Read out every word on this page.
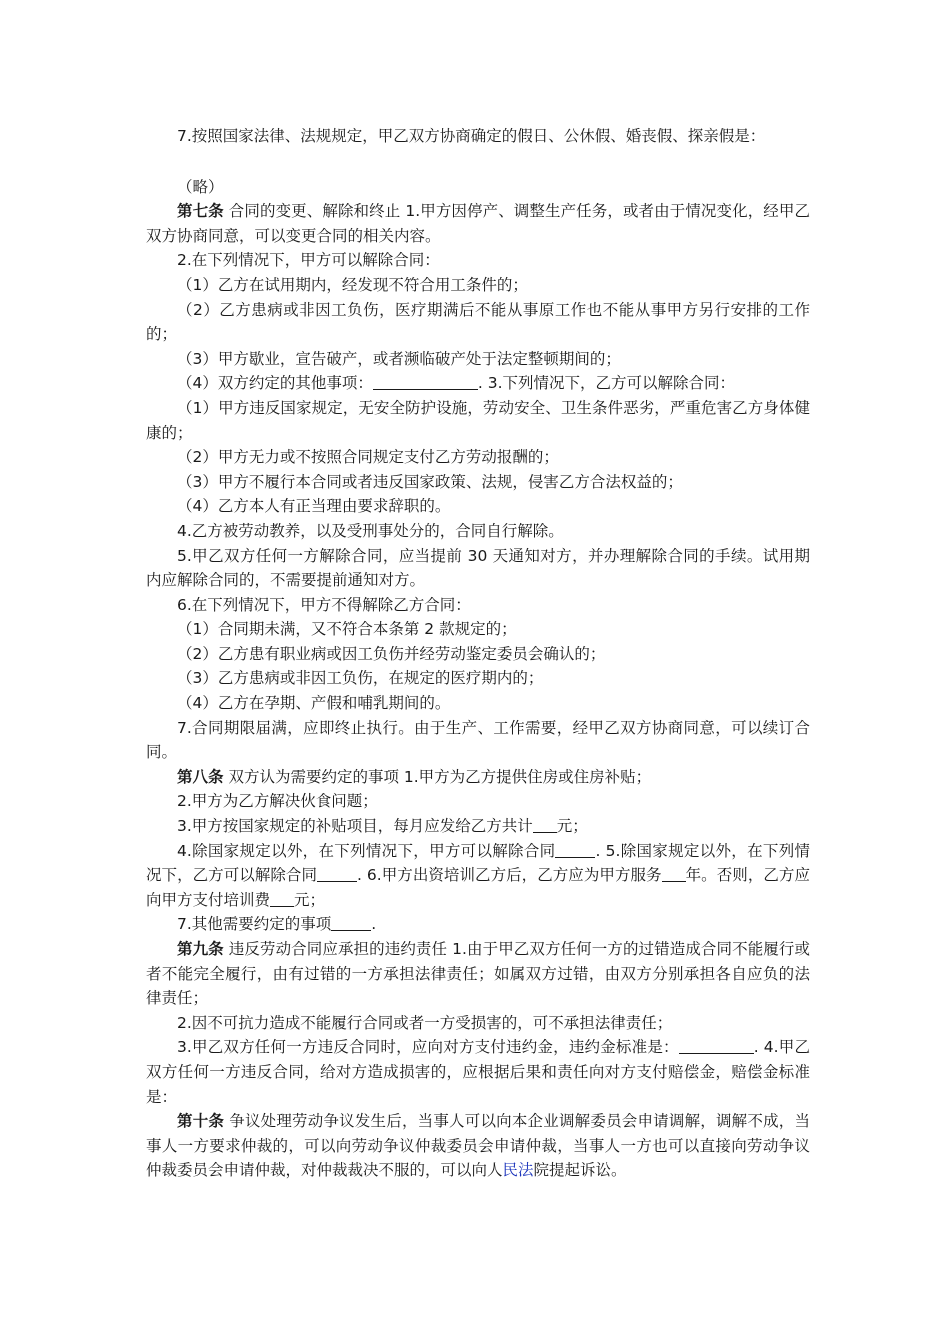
7.按照国家法律、法规规定，甲乙双方协商确定的假日、公休假、婚丧假、探亲假是：

（略）

第七条 合同的变更、解除和终止 1.甲方因停产、调整生产任务，或者由于情况变化，经甲乙双方协商同意，可以变更合同的相关内容。

2.在下列情况下，甲方可以解除合同：

（1）乙方在试用期内，经发现不符合用工条件的；

（2）乙方患病或非因工负伤，医疗期满后不能从事原工作也不能从事甲方另行安排的工作的；

（3）甲方歇业，宣告破产，或者濒临破产处于法定整顿期间的；

（4）双方约定的其他事项：	. 3.下列情况下，乙方可以解除合同：

（1）甲方违反国家规定，无安全防护设施，劳动安全、卫生条件恶劣，严重危害乙方身体健康的；

（2）甲方无力或不按照合同规定支付乙方劳动报酬的；

（3）甲方不履行本合同或者违反国家政策、法规，侵害乙方合法权益的；

（4）乙方本人有正当理由要求辞职的。

4.乙方被劳动教养，以及受刑事处分的，合同自行解除。

5.甲乙双方任何一方解除合同，应当提前 30 天通知对方，并办理解除合同的手续。试用期内应解除合同的，不需要提前通知对方。

6.在下列情况下，甲方不得解除乙方合同：

（1）合同期未满，又不符合本条第 2 款规定的；

（2）乙方患有职业病或因工负伤并经劳动鉴定委员会确认的；

（3）乙方患病或非因工负伤，在规定的医疗期内的；

（4）乙方在孕期、产假和哺乳期间的。

7.合同期限届满，应即终止执行。由于生产、工作需要，经甲乙双方协商同意，可以续订合同。

第八条 双方认为需要约定的事项 1.甲方为乙方提供住房或住房补贴；

2.甲方为乙方解决伙食问题；

3.甲方按国家规定的补贴项目，每月应发给乙方共计 元；

4.除国家规定以外，在下列情况下，甲方可以解除合同	. 5.除国家规定以外，在下列情况下，乙方可以解除合同	. 6.甲方出资培训乙方后，乙方应为甲方服务 年。否则，乙方应向甲方支付培训费 元；

7.其他需要约定的事项	.

第九条 违反劳动合同应承担的违约责任 1.由于甲乙双方任何一方的过错造成合同不能履行或者不能完全履行，由有过错的一方承担法律责任；如属双方过错，由双方分别承担各自应负的法律责任；

2.因不可抗力造成不能履行合同或者一方受损害的，可不承担法律责任；

3.甲乙双方任何一方违反合同时，应向对方支付违约金，违约金标准是：	. 4.甲乙双方任何一方违反合同，给对方造成损害的，应根据后果和责任向对方支付赔偿金，赔偿金标准是：

第十条 争议处理劳动争议发生后，当事人可以向本企业调解委员会申请调解，调解不成，当事人一方要求仲裁的，可以向劳动争议仲裁委员会申请仲裁，当事人一方也可以直接向劳动争议仲裁委员会申请仲裁，对仲裁裁决不服的，可以向人民法院提起诉讼。
